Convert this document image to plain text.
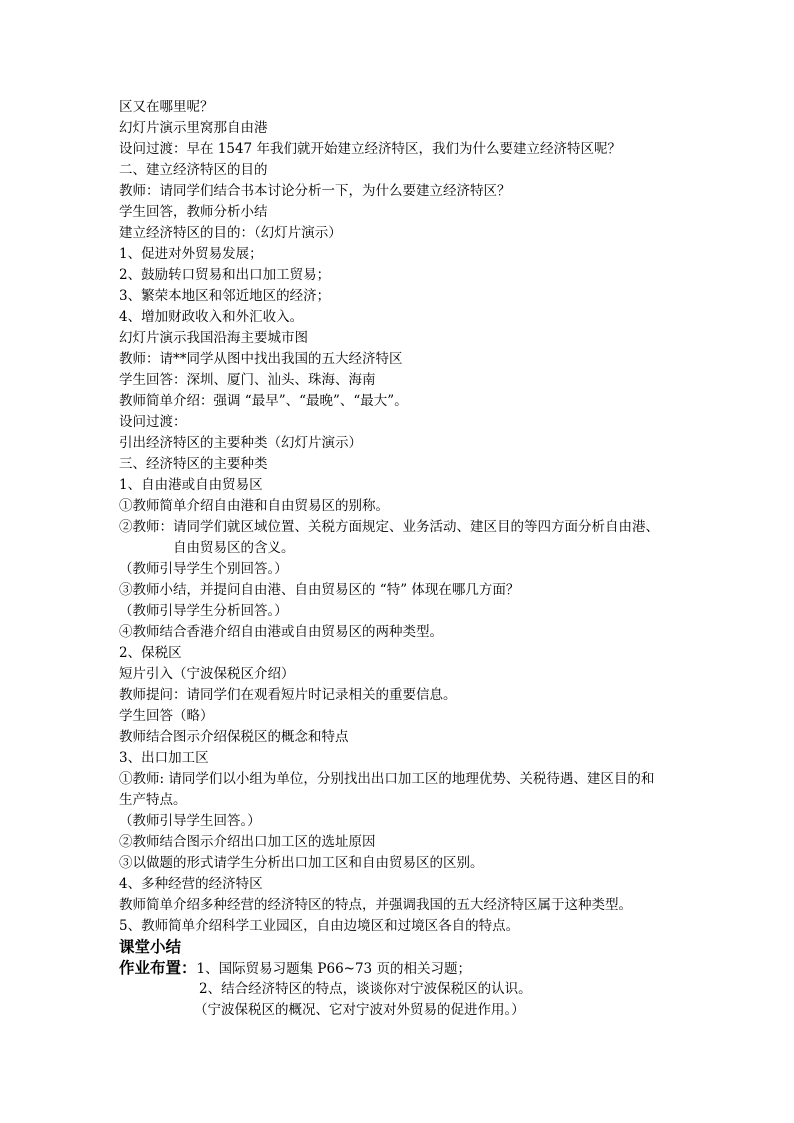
区又在哪里呢？
幻灯片演示里窝那自由港
设问过渡：早在 1547 年我们就开始建立经济特区，我们为什么要建立经济特区呢？
二、建立经济特区的目的
教师：请同学们结合书本讨论分析一下，为什么要建立经济特区？
学生回答，教师分析小结
建立经济特区的目的：（幻灯片演示）
1、促进对外贸易发展；
2、鼓励转口贸易和出口加工贸易；
3、繁荣本地区和邻近地区的经济；
4、增加财政收入和外汇收入。
幻灯片演示我国沿海主要城市图
教师：请**同学从图中找出我国的五大经济特区
学生回答：深圳、厦门、汕头、珠海、海南
教师简单介绍：强调 “最早”、“最晚”、“最大”。
设问过渡：
引出经济特区的主要种类（幻灯片演示）
三、经济特区的主要种类
1、自由港或自由贸易区
①教师简单介绍自由港和自由贸易区的别称。
②教师：请同学们就区域位置、关税方面规定、业务活动、建区目的等四方面分析自由港、
　　　　自由贸易区的含义。
（教师引导学生个别回答。）
③教师小结，并提问自由港、自由贸易区的 “特” 体现在哪几方面？
（教师引导学生分析回答。）
④教师结合香港介绍自由港或自由贸易区的两种类型。
2、保税区
短片引入（宁波保税区介绍）
教师提问：请同学们在观看短片时记录相关的重要信息。
学生回答（略）
教师结合图示介绍保税区的概念和特点
3、出口加工区
①教师: 请同学们以小组为单位，分别找出出口加工区的地理优势、关税待遇、建区目的和
生产特点。
（教师引导学生回答。）
②教师结合图示介绍出口加工区的选址原因
③以做题的形式请学生分析出口加工区和自由贸易区的区别。
4、多种经营的经济特区
教师简单介绍多种经营的经济特区的特点，并强调我国的五大经济特区属于这种类型。
5、教师简单介绍科学工业园区，自由边境区和过境区各自的特点。
课堂小结
作业布置：1、国际贸易习题集 P66~73 页的相关习题；
2、结合经济特区的特点，谈谈你对宁波保税区的认识。
（宁波保税区的概况、它对宁波对外贸易的促进作用。）
